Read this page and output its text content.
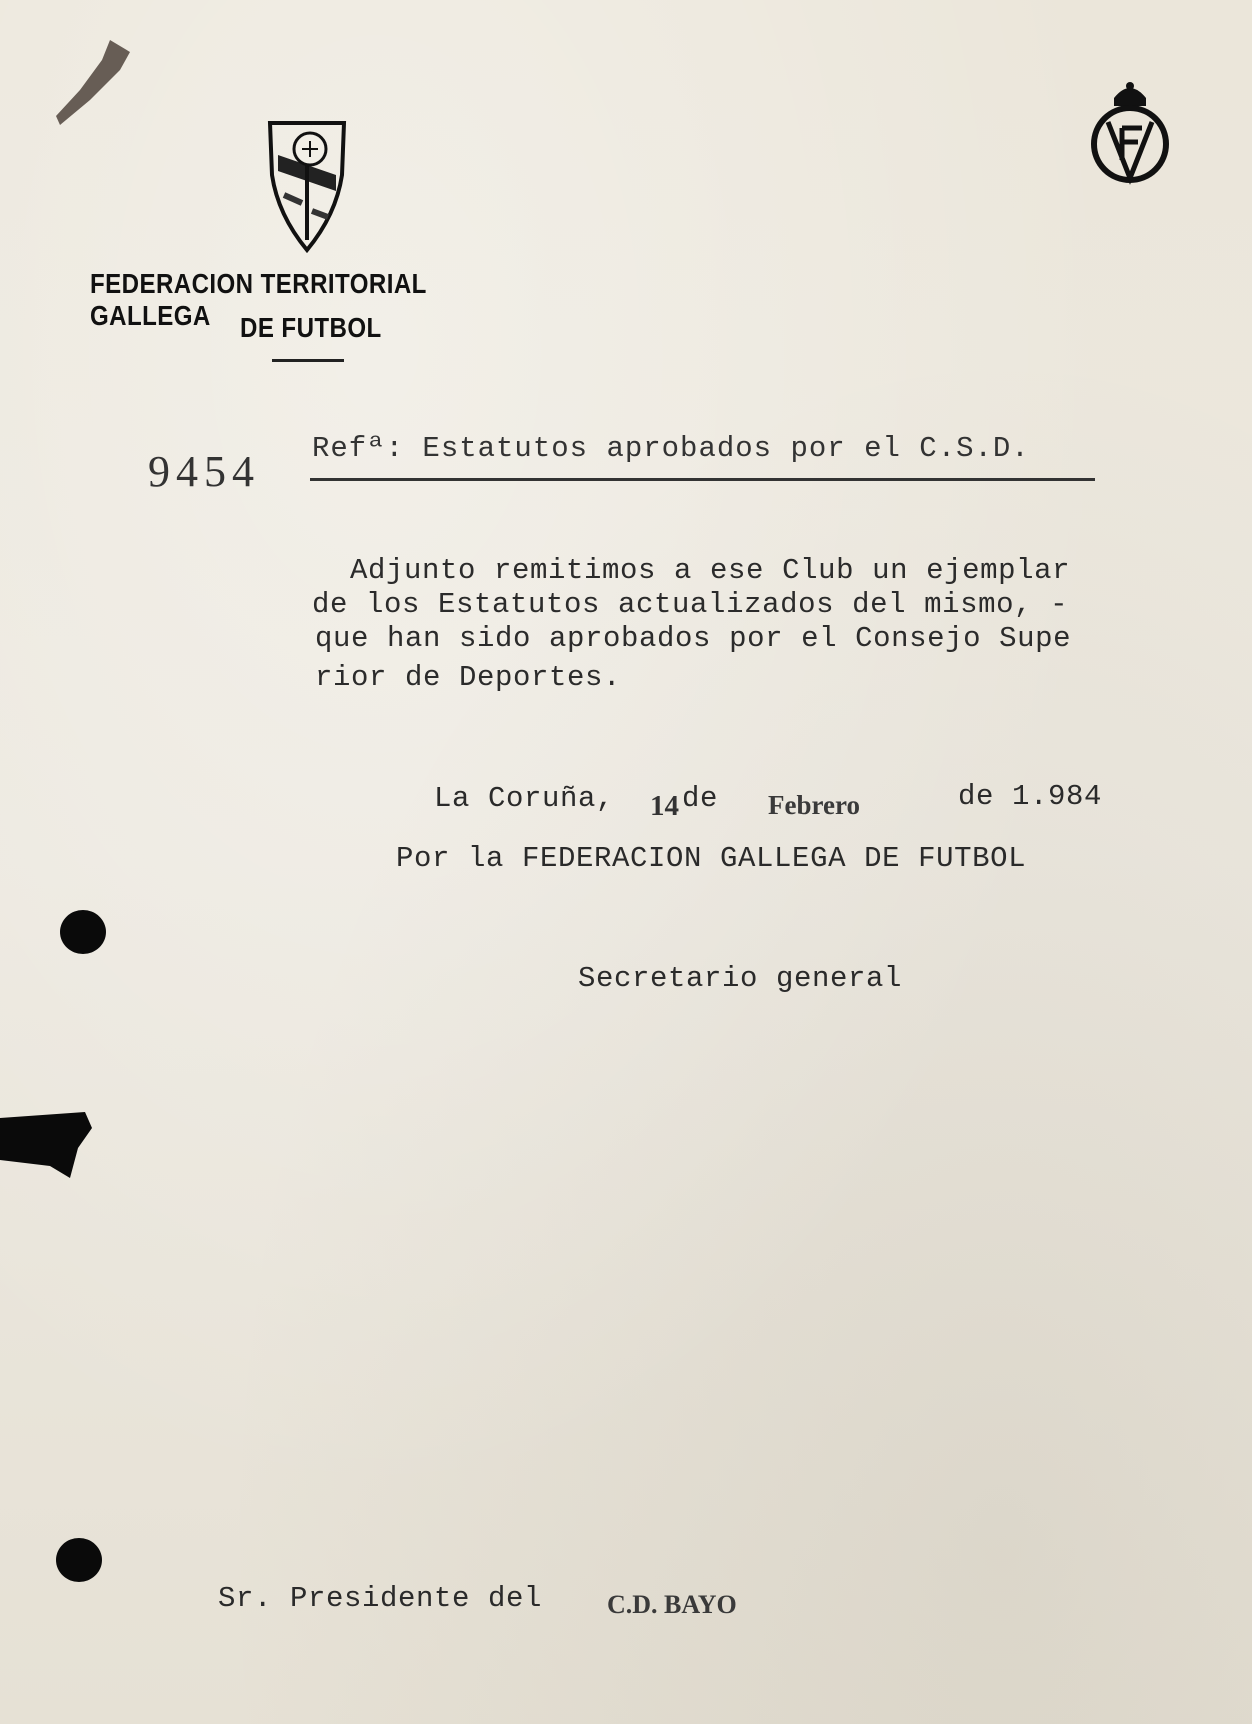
FEDERACION TERRITORIAL GALLEGA	DE FUTBOL
9454 Refª: Estatutos aprobados por el C.S.D.
Adjunto remitimos a ese Club un ejemplar
de los Estatutos actualizados del mismo, -
que han sido aprobados por el Consejo Supe
rior de Deportes.
La Coruña, 14 de Febrero	de 1.984
Por la FEDERACION GALLEGA DE FUTBOL
Secretario general
Sr. Presidente del C.D. BAYO
